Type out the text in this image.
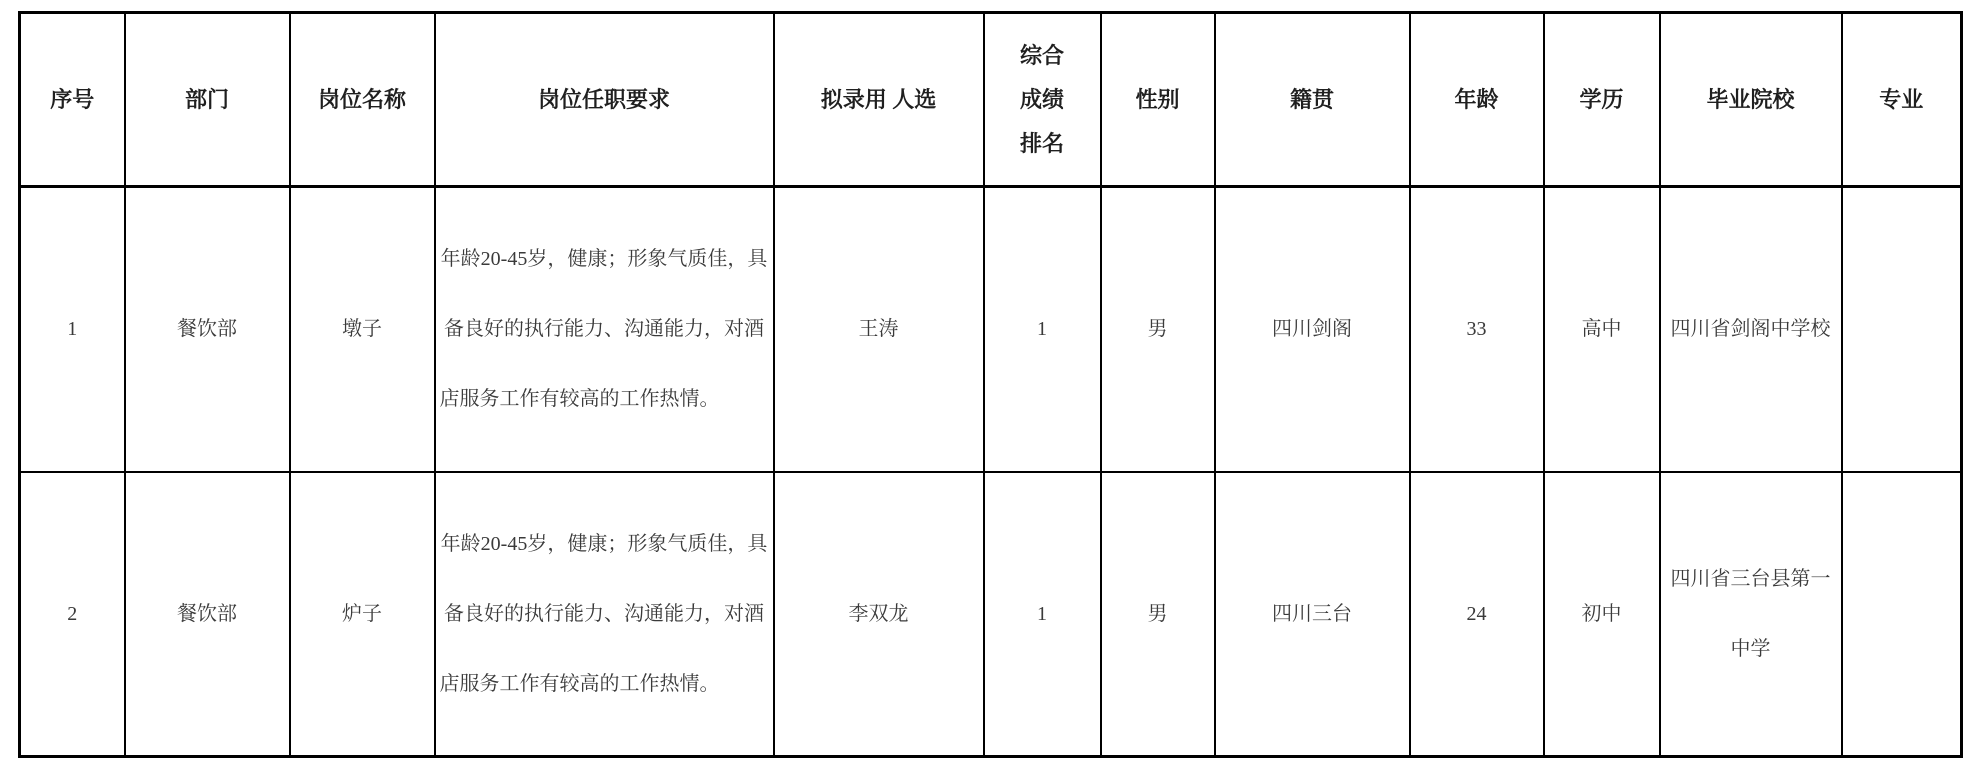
序号	部门	岗位名称	岗位任职要求	拟录用 人选	综合成绩排名	性别	籍贯	年龄	学历	毕业院校	专业
1	餐饮部	墩子	年龄20-45岁，健康；形象气质佳，具备良好的执行能力、沟通能力，对酒店服务工作有较高的工作热情。	王涛	1	男	四川剑阁	33	高中	四川省剑阁中学校	
2	餐饮部	炉子	年龄20-45岁，健康；形象气质佳，具备良好的执行能力、沟通能力，对酒店服务工作有较高的工作热情。	李双龙	1	男	四川三台	24	初中	四川省三台县第一中学	
